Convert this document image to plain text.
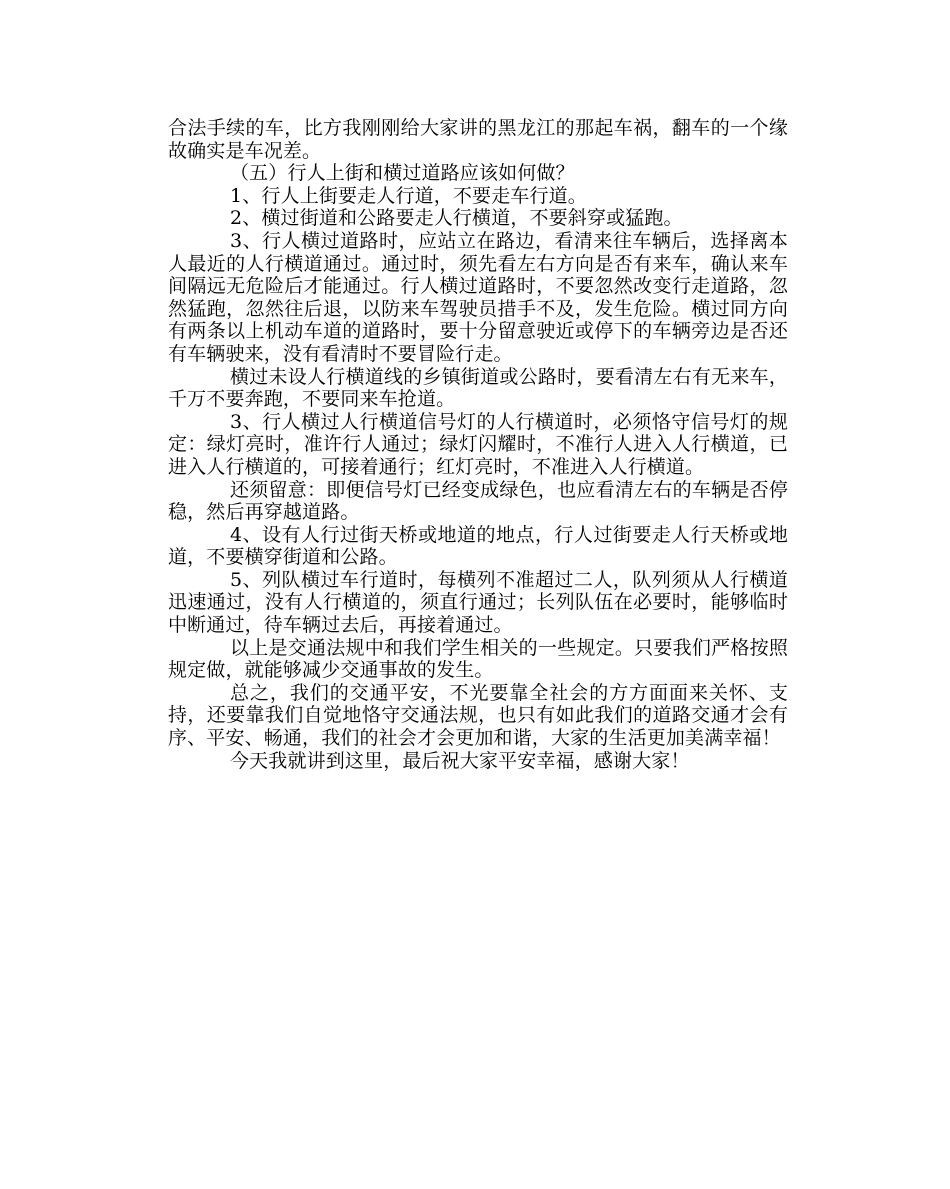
合法手续的车，比方我刚刚给大家讲的黑龙江的那起车祸，翻车的一个缘故确实是车况差。

（五）行人上街和横过道路应该如何做？

1、行人上街要走人行道，不要走车行道。

2、横过街道和公路要走人行横道，不要斜穿或猛跑。

3、行人横过道路时，应站立在路边，看清来往车辆后，选择离本人最近的人行横道通过。通过时，须先看左右方向是否有来车，确认来车间隔远无危险后才能通过。行人横过道路时，不要忽然改变行走道路，忽然猛跑，忽然往后退，以防来车驾驶员措手不及，发生危险。横过同方向有两条以上机动车道的道路时，要十分留意驶近或停下的车辆旁边是否还有车辆驶来，没有看清时不要冒险行走。

横过未设人行横道线的乡镇街道或公路时，要看清左右有无来车，千万不要奔跑，不要同来车抢道。

3、行人横过人行横道信号灯的人行横道时，必须恪守信号灯的规定：绿灯亮时，准许行人通过；绿灯闪耀时，不准行人进入人行横道，已进入人行横道的，可接着通行；红灯亮时，不准进入人行横道。

还须留意：即便信号灯已经变成绿色，也应看清左右的车辆是否停稳，然后再穿越道路。

4、设有人行过街天桥或地道的地点，行人过街要走人行天桥或地道，不要横穿街道和公路。

5、列队横过车行道时，每横列不准超过二人，队列须从人行横道迅速通过，没有人行横道的，须直行通过；长列队伍在必要时，能够临时中断通过，待车辆过去后，再接着通过。

以上是交通法规中和我们学生相关的一些规定。只要我们严格按照规定做，就能够减少交通事故的发生。

总之，我们的交通平安，不光要靠全社会的方方面面来关怀、支持，还要靠我们自觉地恪守交通法规，也只有如此我们的道路交通才会有序、平安、畅通，我们的社会才会更加和谐，大家的生活更加美满幸福！

今天我就讲到这里，最后祝大家平安幸福，感谢大家！
